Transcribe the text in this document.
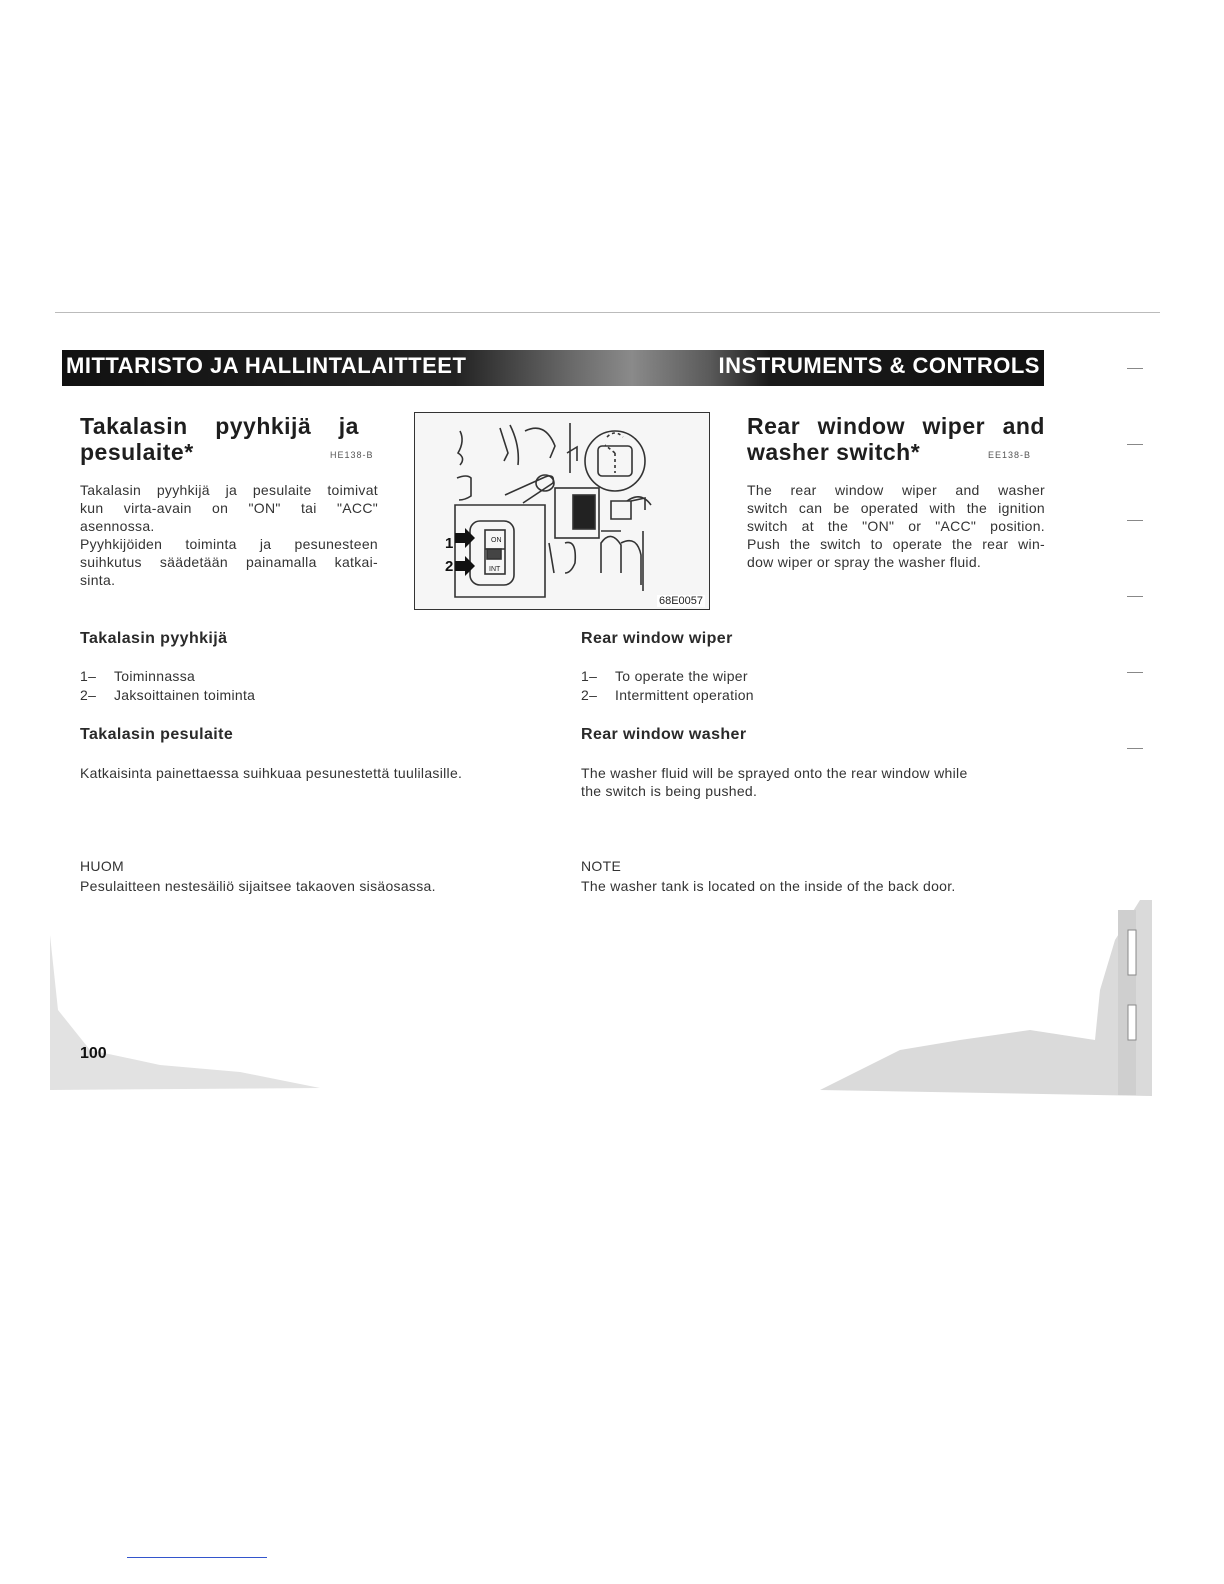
MITTARISTO JA HALLINTALAITTEET	INSTRUMENTS & CONTROLS
Takalasin    pyyhkijä    ja
pesulaite*	HE138-B
Takalasin pyyhkijä ja pesulaite toimivat
kun virta-avain on "ON" tai "ACC"
asennossa.
Pyyhkijöiden toiminta ja pesunesteen
suihkutus säädetään painamalla katkai-
sinta.
ON
INT
1
2
68E0057
Rear window wiper and
washer switch*	EE138-B
The rear window wiper and washer
switch can be operated with the ignition
switch at the "ON" or "ACC" position.
Push the switch to operate the rear win-
dow wiper or spray the washer fluid.
Takalasin pyyhkijä
1– Toiminnassa
2– Jaksoittainen toiminta
Rear window wiper
1– To operate the wiper
2– Intermittent operation
Takalasin pesulaite
Katkaisinta painettaessa suihkuaa pesunestettä tuulilasille.
Rear window washer
The washer fluid will be sprayed onto the rear window while
the switch is being pushed.
HUOM
Pesulaitteen nestesäiliö sijaitsee takaoven sisäosassa.
NOTE
The washer tank is located on the inside of the back door.
100
